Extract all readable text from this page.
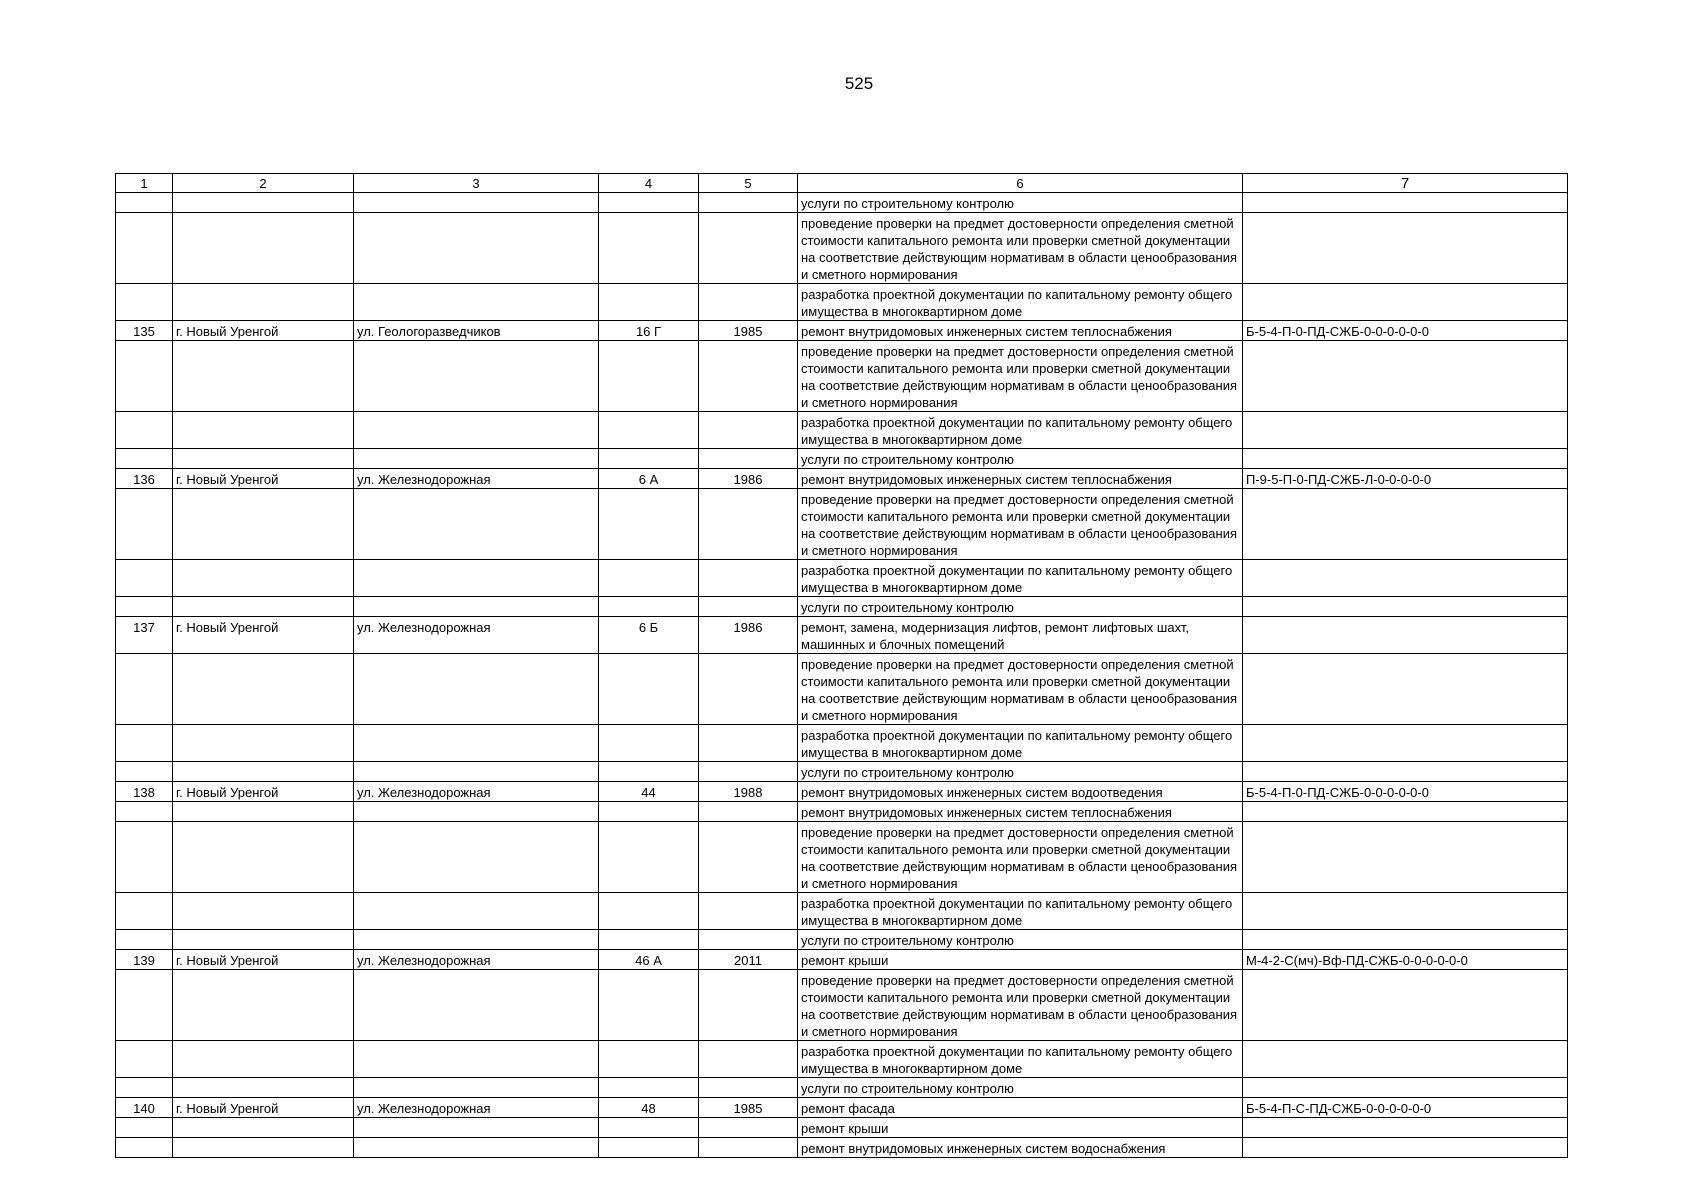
525
1	2	3	4	5	6	7
					услуги по строительному контролю	
					проведение проверки на предмет достоверности определения сметной стоимости капитального ремонта или проверки сметной документации на соответствие действующим нормативам в области ценообразования и сметного нормирования	
					разработка проектной документации по капитальному ремонту общего имущества в многоквартирном доме	
135	г. Новый Уренгой	ул. Геологоразведчиков	16 Г	1985	ремонт внутридомовых инженерных систем теплоснабжения	Б-5-4-П-0-ПД-СЖБ-0-0-0-0-0-0
					проведение проверки на предмет достоверности определения сметной стоимости капитального ремонта или проверки сметной документации на соответствие действующим нормативам в области ценообразования и сметного нормирования	
					разработка проектной документации по капитальному ремонту общего имущества в многоквартирном доме	
					услуги по строительному контролю	
136	г. Новый Уренгой	ул. Железнодорожная	6 А	1986	ремонт внутридомовых инженерных систем теплоснабжения	П-9-5-П-0-ПД-СЖБ-Л-0-0-0-0-0
					проведение проверки на предмет достоверности определения сметной стоимости капитального ремонта или проверки сметной документации на соответствие действующим нормативам в области ценообразования и сметного нормирования	
					разработка проектной документации по капитальному ремонту общего имущества в многоквартирном доме	
					услуги по строительному контролю	
137	г. Новый Уренгой	ул. Железнодорожная	6 Б	1986	ремонт, замена, модернизация лифтов, ремонт лифтовых шахт, машинных и блочных помещений	
					проведение проверки на предмет достоверности определения сметной стоимости капитального ремонта или проверки сметной документации на соответствие действующим нормативам в области ценообразования и сметного нормирования	
					разработка проектной документации по капитальному ремонту общего имущества в многоквартирном доме	
					услуги по строительному контролю	
138	г. Новый Уренгой	ул. Железнодорожная	44	1988	ремонт внутридомовых инженерных систем водоотведения	Б-5-4-П-0-ПД-СЖБ-0-0-0-0-0-0
					ремонт внутридомовых инженерных систем теплоснабжения	
					проведение проверки на предмет достоверности определения сметной стоимости капитального ремонта или проверки сметной документации на соответствие действующим нормативам в области ценообразования и сметного нормирования	
					разработка проектной документации по капитальному ремонту общего имущества в многоквартирном доме	
					услуги по строительному контролю	
139	г. Новый Уренгой	ул. Железнодорожная	46 А	2011	ремонт крыши	М-4-2-С(мч)-Вф-ПД-СЖБ-0-0-0-0-0-0
					проведение проверки на предмет достоверности определения сметной стоимости капитального ремонта или проверки сметной документации на соответствие действующим нормативам в области ценообразования и сметного нормирования	
					разработка проектной документации по капитальному ремонту общего имущества в многоквартирном доме	
					услуги по строительному контролю	
140	г. Новый Уренгой	ул. Железнодорожная	48	1985	ремонт фасада	Б-5-4-П-С-ПД-СЖБ-0-0-0-0-0-0
					ремонт крыши	
					ремонт внутридомовых инженерных систем водоснабжения	
